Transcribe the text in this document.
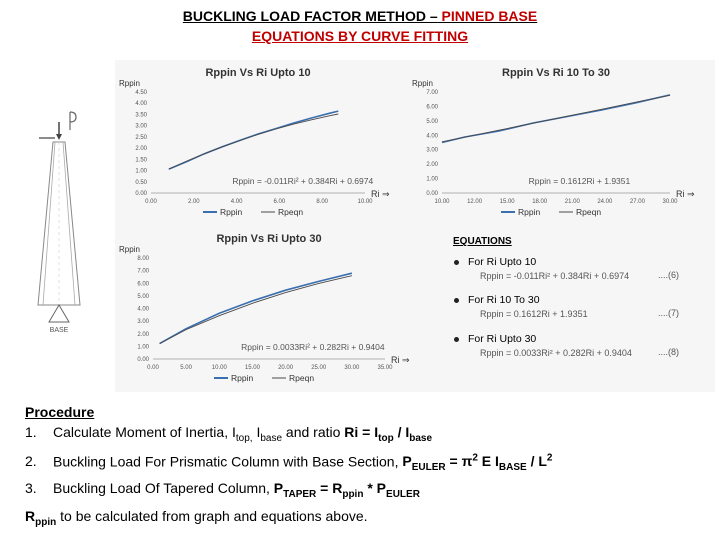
BUCKLING LOAD FACTOR METHOD – PINNED BASE
EQUATIONS BY CURVE FITTING
BASE
Rppin Vs Ri Upto 10
Rppin
0.00
0.50
1.00
1.50
2.00
2.50
3.00
3.50
4.00
4.50
0.00	2.00	4.00	6.00	8.00	10.00
Ri ⇒
Rppin = -0.011Ri² + 0.384Ri + 0.6974
Rppin	Rpeqn
Rppin Vs Ri 10 To 30
Rppin
0.00
1.00
2.00
3.00
4.00
5.00
6.00
7.00
10.00	12.00	15.00	18.00	21.00	24.00	27.00	30.00
Ri ⇒
Rppin = 0.1612Ri + 1.9351
Rppin	Rpeqn
Rppin Vs Ri Upto 30
Rppin
0.00
1.00
2.00
3.00
4.00
5.00
6.00
7.00
8.00
0.00	5.00	10.00	15.00	20.00	25.00	30.00	35.00
Ri ⇒
Rppin = 0.0033Ri² + 0.282Ri + 0.9404
Rppin	Rpeqn
EQUATIONS
For Ri Upto 10
Rppin = -0.011Ri² + 0.384Ri + 0.6974	....(6)
For Ri 10 To 30
Rppin = 0.1612Ri + 1.9351	....(7)
For Ri Upto 30
Rppin = 0.0033Ri² + 0.282Ri + 0.9404	....(8)
Procedure
1. Calculate Moment of Inertia, $I_{top,}$ $I_{base}$ and ratio $Ri = I_{top} / I_{base}$
2. Buckling Load For Prismatic Column with Base Section, $P_{EULER} = \pi^2$ E $I_{BASE} / L^2$
3. Buckling Load Of Tapered Column, $P_{TAPER} = R_{ppin} * P_{EULER}$
$R_{ppin}$ to be calculated from graph and equations above.
